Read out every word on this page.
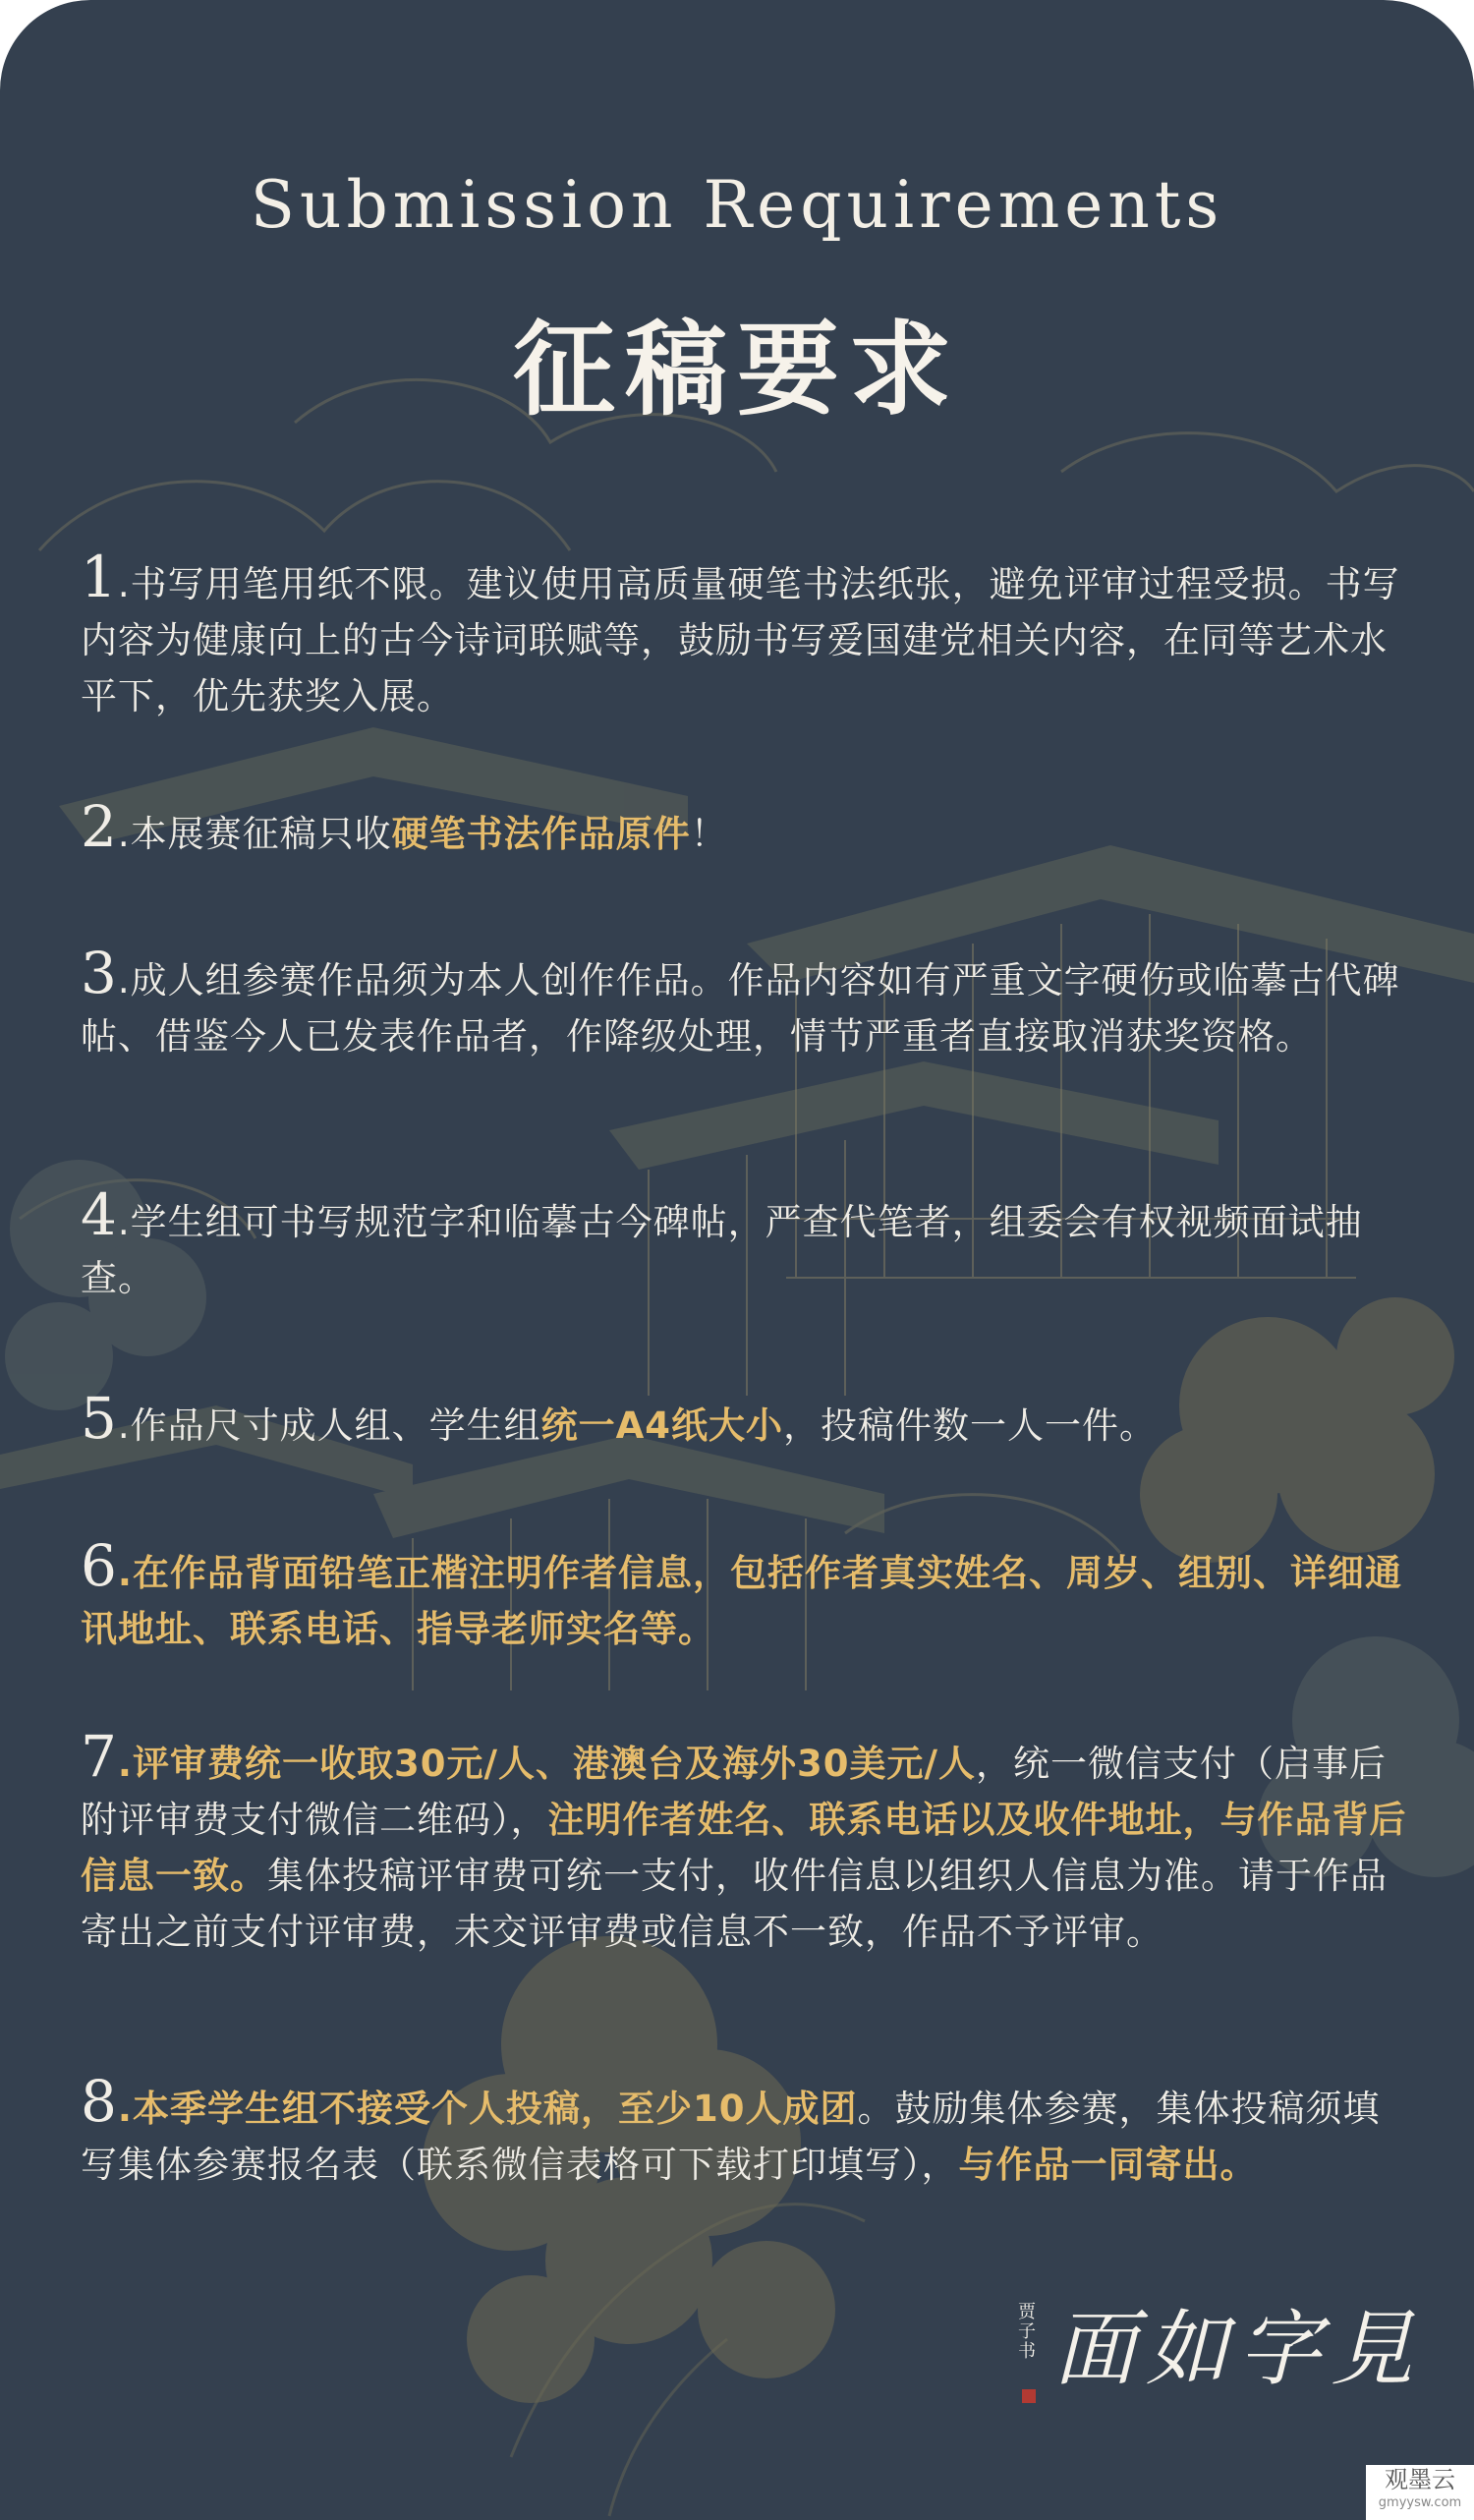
Submission Requirements
征稿要求
1.书写用笔用纸不限。建议使用高质量硬笔书法纸张，避免评审过程受损。书写内容为健康向上的古今诗词联赋等，鼓励书写爱国建党相关内容，在同等艺术水平下，优先获奖入展。
2.本展赛征稿只收硬笔书法作品原件！
3.成人组参赛作品须为本人创作作品。作品内容如有严重文字硬伤或临摹古代碑帖、借鉴今人已发表作品者，作降级处理，情节严重者直接取消获奖资格。
4.学生组可书写规范字和临摹古今碑帖，严查代笔者，组委会有权视频面试抽查。
5.作品尺寸成人组、学生组统一A4纸大小，投稿件数一人一件。
6.在作品背面铅笔正楷注明作者信息，包括作者真实姓名、周岁、组别、详细通讯地址、联系电话、指导老师实名等。
7.评审费统一收取30元/人、港澳台及海外30美元/人，统一微信支付（启事后附评审费支付微信二维码），注明作者姓名、联系电话以及收件地址，与作品背后信息一致。集体投稿评审费可统一支付，收件信息以组织人信息为准。请于作品寄出之前支付评审费，未交评审费或信息不一致，作品不予评审。
8.本季学生组不接受个人投稿，至少10人成团。鼓励集体参赛，集体投稿须填写集体参赛报名表（联系微信表格可下载打印填写），与作品一同寄出。
贾子书 面如字見
观墨云
gmyysw.com
